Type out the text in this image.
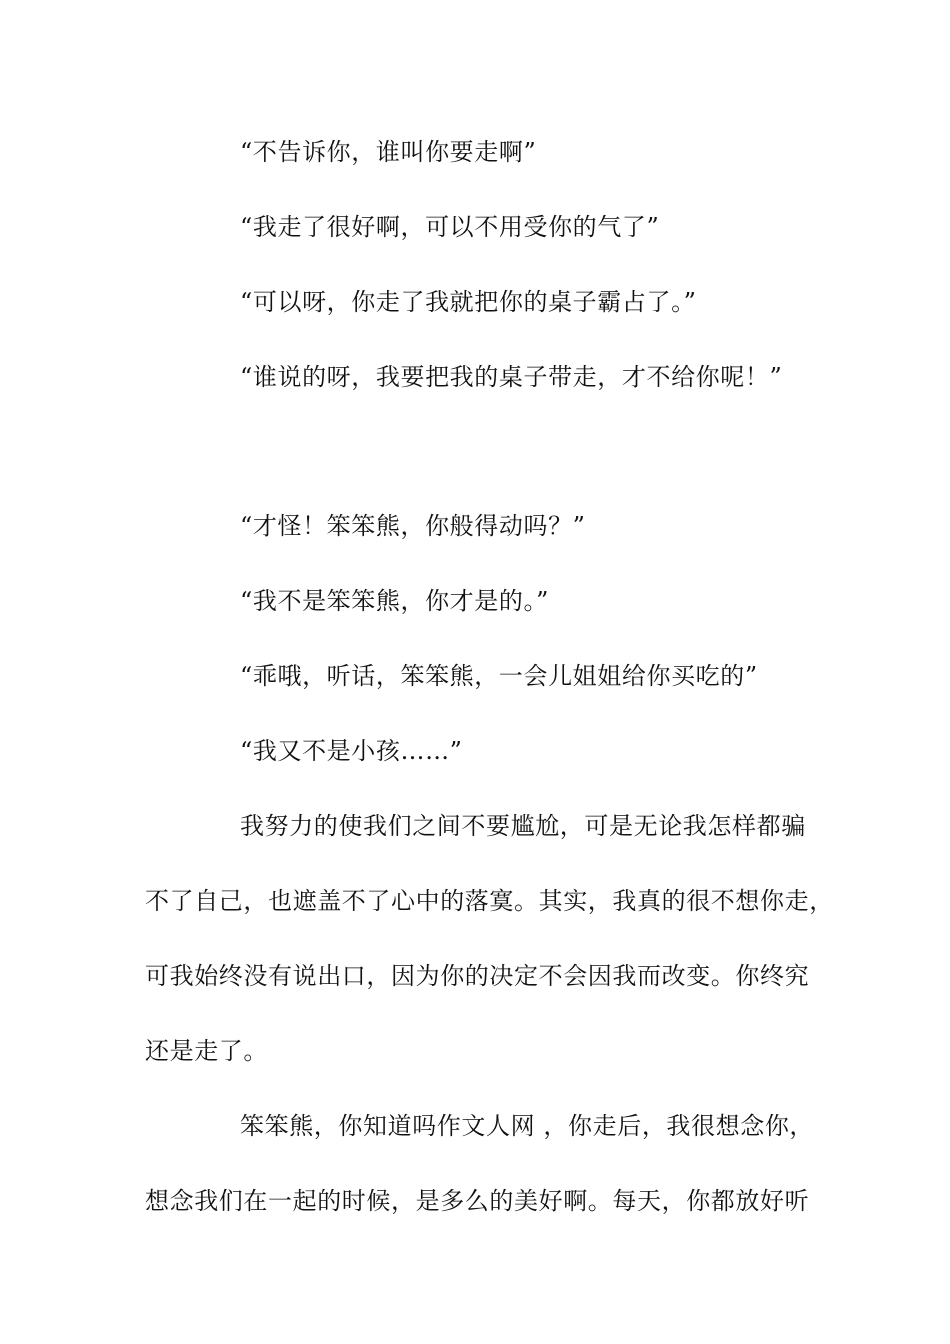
“不告诉你，谁叫你要走啊”
“我走了很好啊，可以不用受你的气了”
“可以呀，你走了我就把你的桌子霸占了。”
“谁说的呀，我要把我的桌子带走，才不给你呢！”
“才怪！笨笨熊，你般得动吗？”
“我不是笨笨熊，你才是的。”
“乖哦，听话，笨笨熊，一会儿姐姐给你买吃的”
“我又不是小孩……”
我努力的使我们之间不要尴尬，可是无论我怎样都骗
不了自己，也遮盖不了心中的落寞。其实，我真的很不想你走，
可我始终没有说出口，因为你的决定不会因我而改变。你终究
还是走了。
笨笨熊，你知道吗作文人网 ，你走后，我很想念你，
想念我们在一起的时候，是多么的美好啊。每天，你都放好听
